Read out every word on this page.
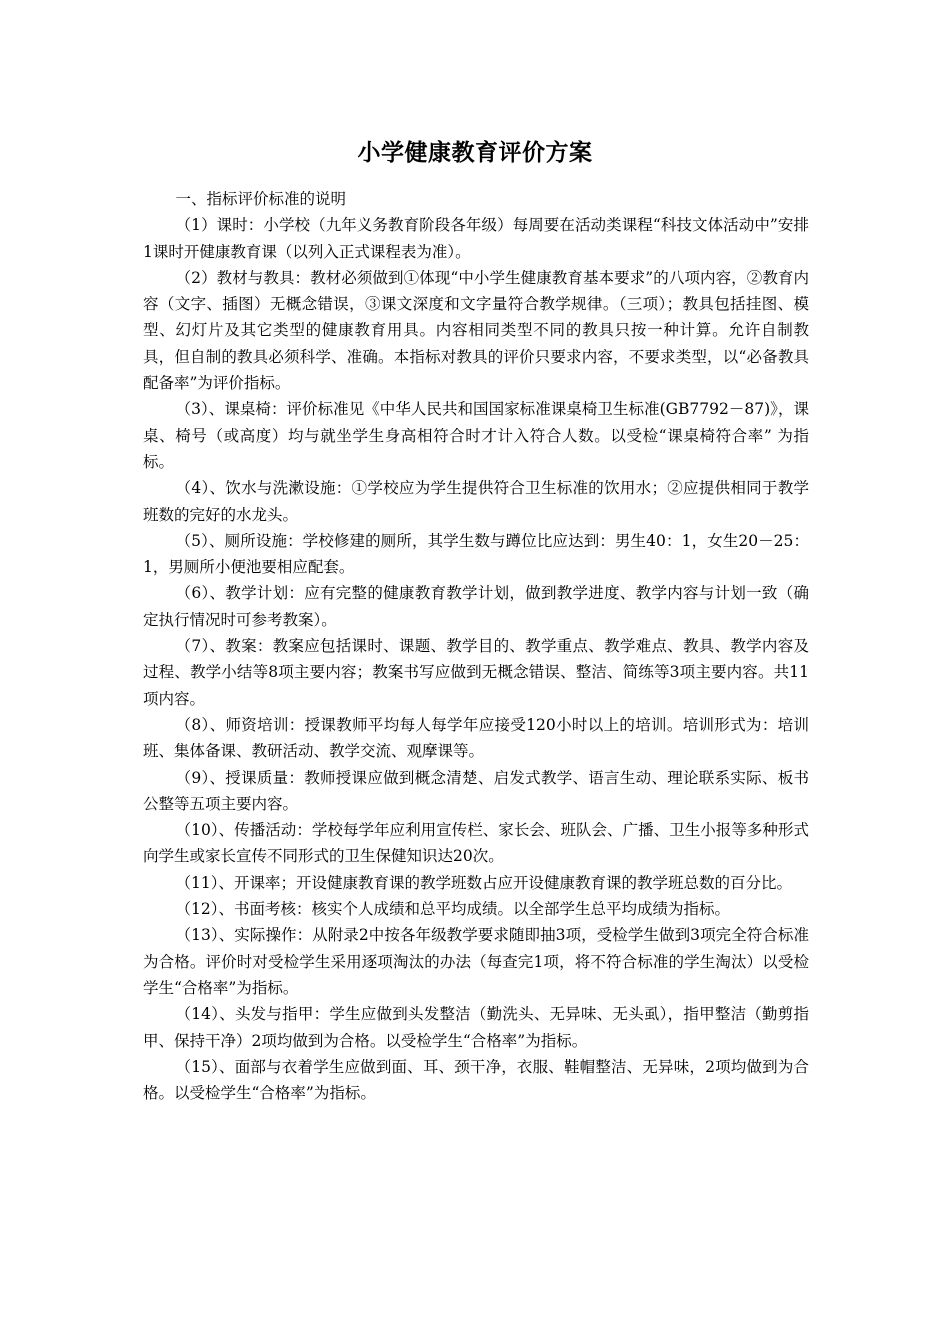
小学健康教育评价方案

一、指标评价标准的说明

（1）课时：小学校（九年义务教育阶段各年级）每周要在活动类课程“科技文体活动中”安排1课时开健康教育课（以列入正式课程表为准）。

（2）教材与教具：教材必须做到①体现“中小学生健康教育基本要求”的八项内容，②教育内容（文字、插图）无概念错误，③课文深度和文字量符合教学规律。（三项）；教具包括挂图、模型、幻灯片及其它类型的健康教育用具。内容相同类型不同的教具只按一种计算。允许自制教具，但自制的教具必须科学、准确。本指标对教具的评价只要求内容，不要求类型，以“必备教具配备率”为评价指标。

（3）、课桌椅：评价标准见《中华人民共和国国家标准课桌椅卫生标准(GB7792－87)》，课桌、椅号（或高度）均与就坐学生身高相符合时才计入符合人数。以受检“课桌椅符合率” 为指标。

（4）、饮水与洗漱设施：①学校应为学生提供符合卫生标准的饮用水；②应提供相同于教学班数的完好的水龙头。

（5）、厕所设施：学校修建的厕所，其学生数与蹲位比应达到：男生40：1，女生20－25：1，男厕所小便池要相应配套。

（6）、教学计划：应有完整的健康教育教学计划，做到教学进度、教学内容与计划一致（确定执行情况时可参考教案）。

（7）、教案：教案应包括课时、课题、教学目的、教学重点、教学难点、教具、教学内容及过程、教学小结等8项主要内容；教案书写应做到无概念错误、整洁、简练等3项主要内容。共11项内容。

（8）、师资培训：授课教师平均每人每学年应接受120小时以上的培训。培训形式为：培训班、集体备课、教研活动、教学交流、观摩课等。

（9）、授课质量：教师授课应做到概念清楚、启发式教学、语言生动、理论联系实际、板书公整等五项主要内容。

（10）、传播活动：学校每学年应利用宣传栏、家长会、班队会、广播、卫生小报等多种形式向学生或家长宣传不同形式的卫生保健知识达20次。

（11）、开课率；开设健康教育课的教学班数占应开设健康教育课的教学班总数的百分比。

（12）、书面考核：核实个人成绩和总平均成绩。以全部学生总平均成绩为指标。

（13）、实际操作：从附录2中按各年级教学要求随即抽3项，受检学生做到3项完全符合标准为合格。评价时对受检学生采用逐项淘汰的办法（每查完1项，将不符合标准的学生淘汰）以受检学生“合格率”为指标。

（14）、头发与指甲：学生应做到头发整洁（勤洗头、无异味、无头虱），指甲整洁（勤剪指甲、保持干净）2项均做到为合格。以受检学生“合格率”为指标。

（15）、面部与衣着学生应做到面、耳、颈干净，衣服、鞋帽整洁、无异味，2项均做到为合格。以受检学生“合格率”为指标。
